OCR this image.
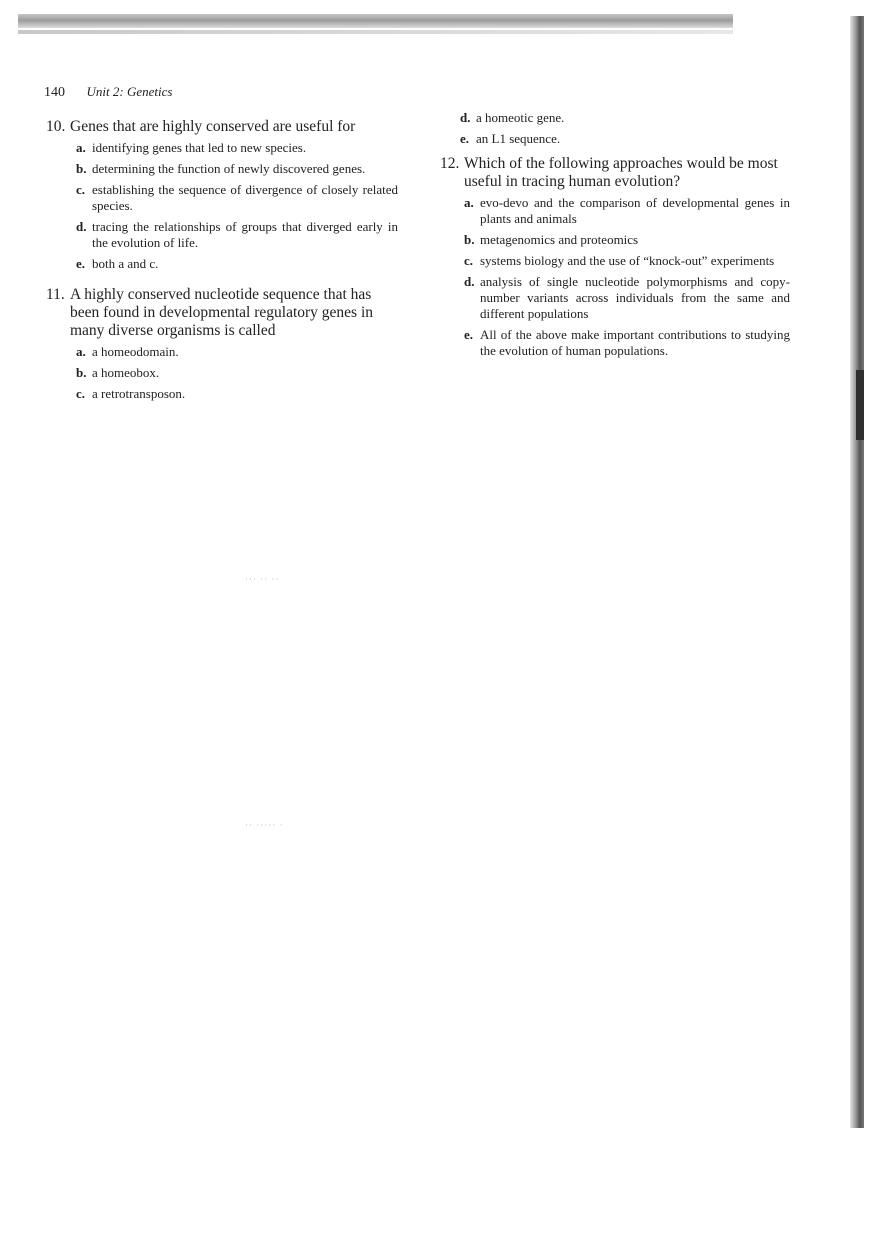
140 Unit 2: Genetics
10. Genes that are highly conserved are useful for
a. identifying genes that led to new species.
b. determining the function of newly discovered genes.
c. establishing the sequence of divergence of closely related species.
d. tracing the relationships of groups that diverged early in the evolution of life.
e. both a and c.
11. A highly conserved nucleotide sequence that has been found in developmental regulatory genes in many diverse organisms is called
a. a homeodomain.
b. a homeobox.
c. a retrotransposon.
d. a homeotic gene.
e. an L1 sequence.
12. Which of the following approaches would be most useful in tracing human evolution?
a. evo-devo and the comparison of developmental genes in plants and animals
b. metagenomics and proteomics
c. systems biology and the use of “knock-out” experiments
d. analysis of single nucleotide polymorphisms and copy-number variants across individuals from the same and different populations
e. All of the above make important contributions to studying the evolution of human populations.
··· ·· ··
·· ····· ·
